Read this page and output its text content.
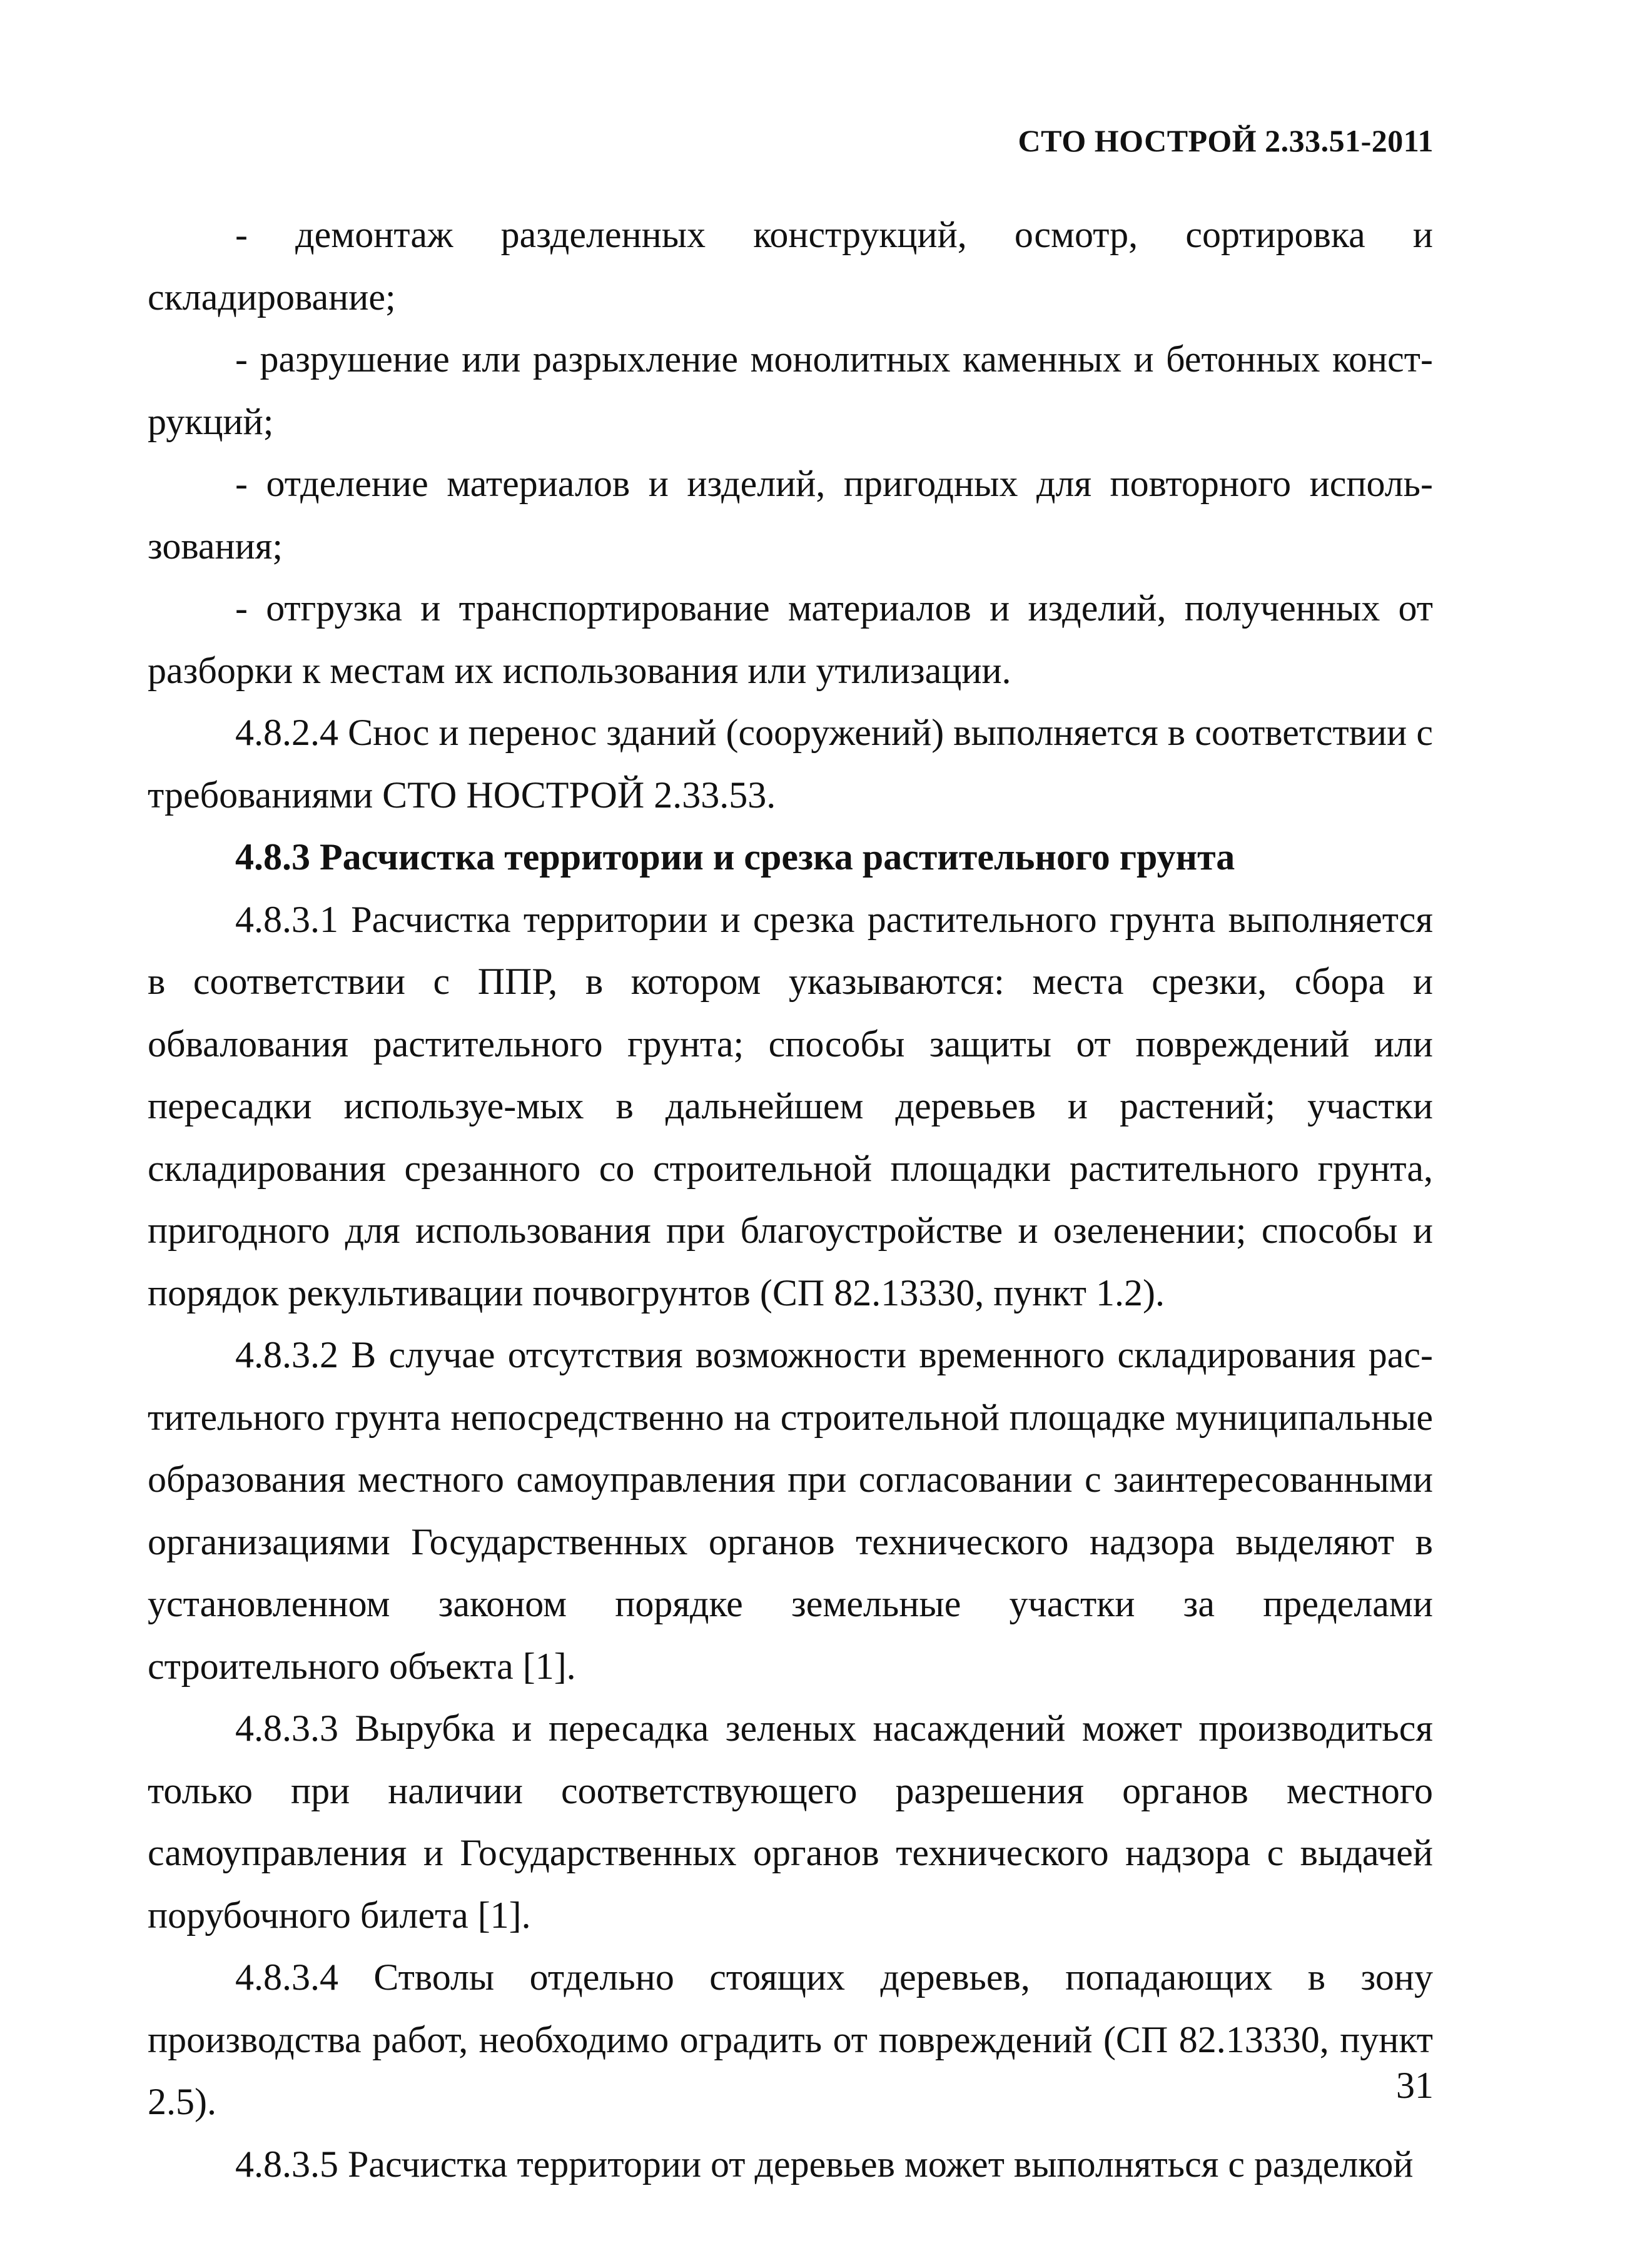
СТО НОСТРОЙ 2.33.51-2011

- демонтаж разделенных конструкций, осмотр, сортировка и складирование;

- разрушение или разрыхление монолитных каменных и бетонных конст-рукций;

- отделение материалов и изделий, пригодных для повторного исполь-зования;

- отгрузка и транспортирование материалов и изделий, полученных от разборки к местам их использования или утилизации.

4.8.2.4 Снос и перенос зданий (сооружений) выполняется в соответствии с требованиями СТО НОСТРОЙ 2.33.53.

4.8.3 Расчистка территории и срезка растительного грунта

4.8.3.1 Расчистка территории и срезка растительного грунта выполняется в соответствии с ППР, в котором указываются: места срезки, сбора и обвалования растительного грунта; способы защиты от повреждений или пересадки используе-мых в дальнейшем деревьев и растений; участки складирования срезанного со строительной площадки растительного грунта, пригодного для использования при благоустройстве и озеленении; способы и порядок рекультивации почвогрунтов (СП 82.13330, пункт 1.2).

4.8.3.2 В случае отсутствия возможности временного складирования рас-тительного грунта непосредственно на строительной площадке муниципальные образования местного самоуправления при согласовании с заинтересованными организациями Государственных органов технического надзора выделяют в установленном законом порядке земельные участки за пределами строительного объекта [1].

4.8.3.3 Вырубка и пересадка зеленых насаждений может производиться только при наличии соответствующего разрешения органов местного самоуправления и Государственных органов технического надзора с выдачей порубочного билета [1].

4.8.3.4 Стволы отдельно стоящих деревьев, попадающих в зону производства работ, необходимо оградить от повреждений (СП 82.13330, пункт 2.5).

4.8.3.5 Расчистка территории от деревьев может выполняться с разделкой

31
